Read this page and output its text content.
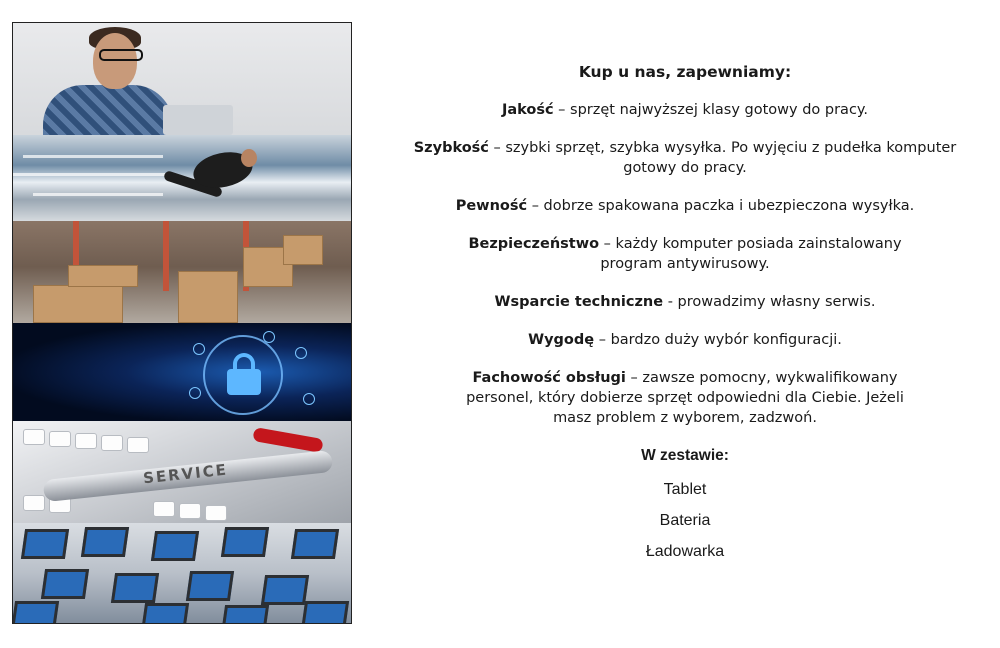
SERVICE
Kup u nas, zapewniamy:
Jakość – sprzęt najwyższej klasy gotowy do pracy.
Szybkość – szybki sprzęt, szybka wysyłka. Po wyjęciu z pudełka komputer gotowy do pracy.
Pewność – dobrze spakowana paczka i ubezpieczona wysyłka.
Bezpieczeństwo – każdy komputer posiada zainstalowany program antywirusowy.
Wsparcie techniczne - prowadzimy własny serwis.
Wygodę – bardzo duży wybór konfiguracji.
Fachowość obsługi – zawsze pomocny, wykwalifikowany personel, który dobierze sprzęt odpowiedni dla Ciebie. Jeżeli masz problem z wyborem, zadzwoń.
W zestawie:
Tablet
Bateria
Ładowarka
